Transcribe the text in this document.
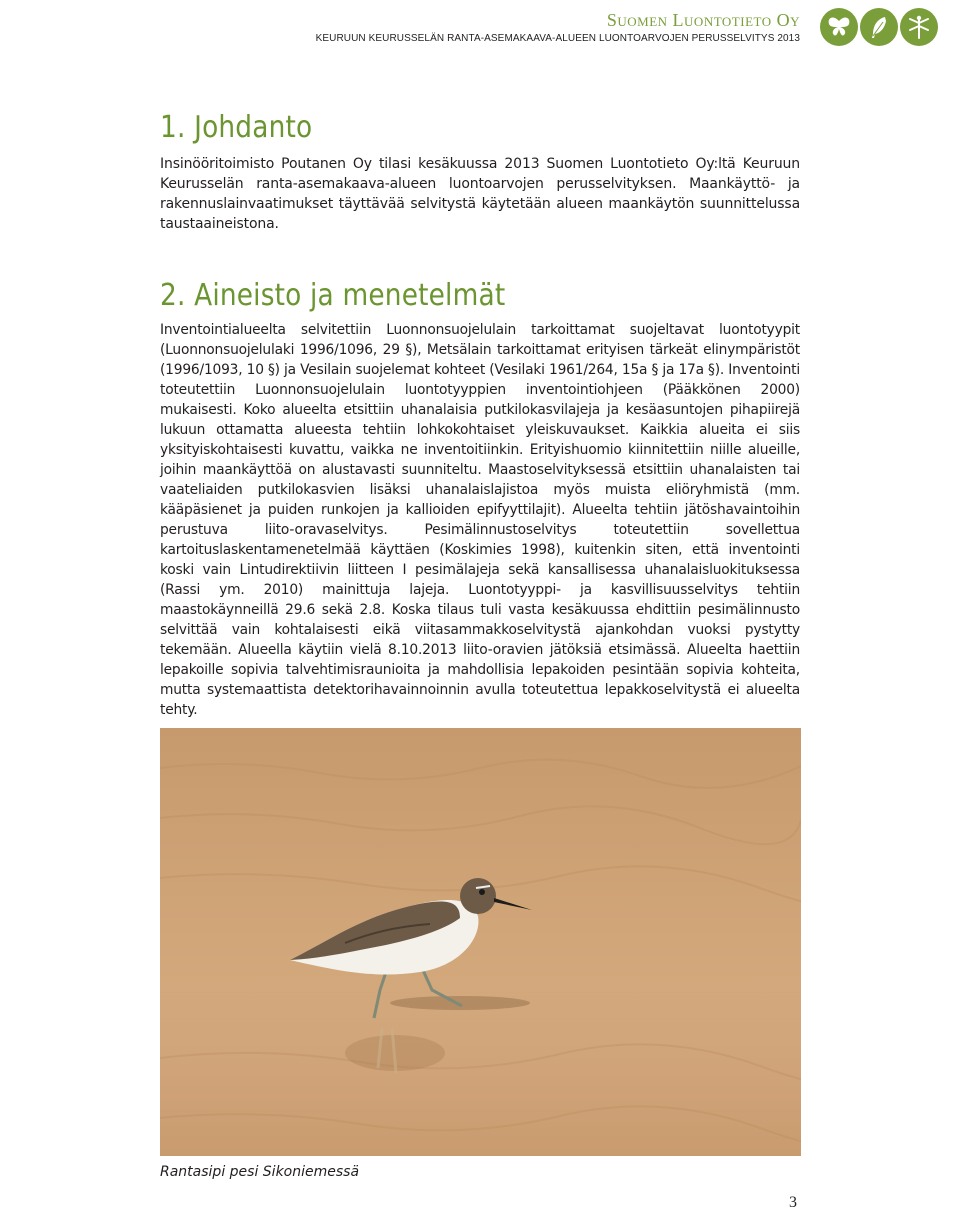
Suomen Luontotieto Oy
KEURUUN KEURUSSELÄN RANTA-ASEMAKAAVA-ALUEEN LUONTOARVOJEN PERUSSELVITYS 2013
1. Johdanto

Insinööritoimisto Poutanen Oy tilasi kesäkuussa 2013 Suomen Luontotieto Oy:ltä Keuruun Keurusselän ranta-asemakaava-alueen luontoarvojen perusselvityksen. Maankäyttö- ja rakennuslainvaatimukset täyttävää selvitystä käytetään alueen maankäytön suunnittelussa taustaaineistona.

2. Aineisto ja menetelmät

Inventointialueelta selvitettiin Luonnonsuojelulain tarkoittamat suojeltavat luontotyypit (Luonnonsuojelulaki 1996/1096, 29 §), Metsälain tarkoittamat erityisen tärkeät elinympäristöt (1996/1093, 10 §) ja Vesilain suojelemat kohteet (Vesilaki 1961/264, 15a § ja 17a §). Inventointi toteutettiin Luonnonsuojelulain luontotyyppien inventointiohjeen (Pääkkönen 2000) mukaisesti. Koko alueelta etsittiin uhanalaisia putkilokasvilajeja ja kesäasuntojen pihapiirejä lukuun ottamatta alueesta tehtiin lohkokohtaiset yleiskuvaukset. Kaikkia alueita ei siis yksityiskohtaisesti kuvattu, vaikka ne inventoitiinkin. Erityishuomio kiinnitettiin niille alueille, joihin maankäyttöä on alustavasti suunniteltu. Maastoselvityksessä etsittiin uhanalaisten tai vaateliaiden putkilokasvien lisäksi uhanalaislajistoa myös muista eliöryhmistä (mm. kääpäsienet ja puiden runkojen ja kallioiden epifyyttilajit). Alueelta tehtiin jätöshavaintoihin perustuva liito-oravaselvitys. Pesimälinnustoselvitys toteutettiin sovellettua kartoituslaskentamenetelmää käyttäen (Koskimies 1998), kuitenkin siten, että inventointi koski vain Lintudirektiivin liitteen I pesimälajeja sekä kansallisessa uhanalaisluokituksessa (Rassi ym. 2010) mainittuja lajeja. Luontotyyppi- ja kasvillisuusselvitys tehtiin maastokäynneillä 29.6 sekä 2.8. Koska tilaus tuli vasta kesäkuussa ehdittiin pesimälinnusto selvittää vain kohtalaisesti eikä viitasammakkoselvitystä ajankohdan vuoksi pystytty tekemään. Alueella käytiin vielä 8.10.2013 liito-oravien jätöksiä etsimässä. Alueelta haettiin lepakoille sopivia talvehtimisraunioita ja mahdollisia lepakoiden pesintään sopivia kohteita, mutta systemaattista detektorihavainnoinnin avulla toteutettua lepakkoselvitystä ei alueelta tehty.

Rantasipi pesi Sikoniemessä
3
